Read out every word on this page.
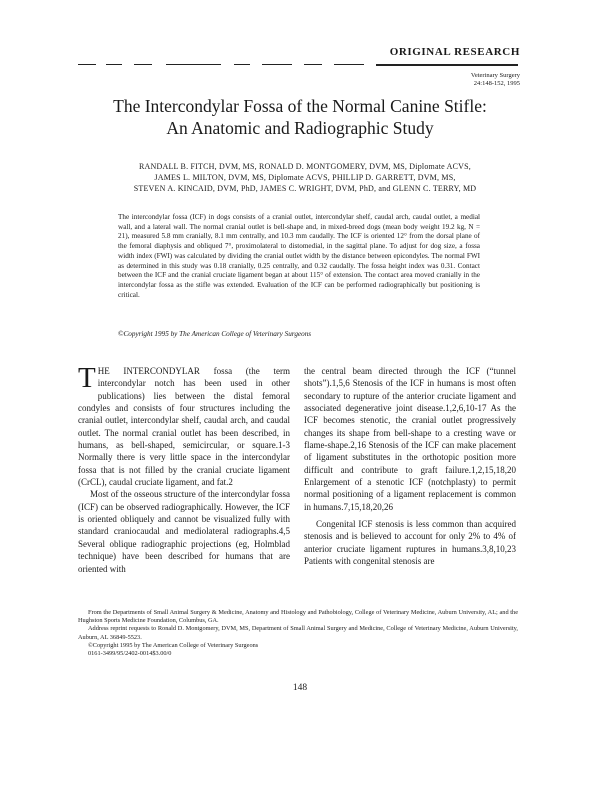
ORIGINAL RESEARCH
Veterinary Surgery
24:148-152, 1995
The Intercondylar Fossa of the Normal Canine Stifle:
An Anatomic and Radiographic Study
RANDALL B. FITCH, DVM, MS, RONALD D. MONTGOMERY, DVM, MS, Diplomate ACVS,
JAMES L. MILTON, DVM, MS, Diplomate ACVS, PHILLIP D. GARRETT, DVM, MS,
STEVEN A. KINCAID, DVM, PhD, JAMES C. WRIGHT, DVM, PhD, and GLENN C. TERRY, MD
The intercondylar fossa (ICF) in dogs consists of a cranial outlet, intercondylar shelf, caudal arch, caudal outlet, a medial wall, and a lateral wall. The normal cranial outlet is bell-shape and, in mixed-breed dogs (mean body weight 19.2 kg, N = 21), measured 5.8 mm cranially, 8.1 mm centrally, and 10.3 mm caudally. The ICF is oriented 12° from the dorsal plane of the femoral diaphysis and obliqued 7°, proximolateral to distomedial, in the sagittal plane. To adjust for dog size, a fossa width index (FWI) was calculated by dividing the cranial outlet width by the distance between epicondyles. The normal FWI as determined in this study was 0.18 cranially, 0.25 centrally, and 0.32 caudally. The fossa height index was 0.31. Contact between the ICF and the cranial cruciate ligament began at about 115° of extension. The contact area moved cranially in the intercondylar fossa as the stifle was extended. Evaluation of the ICF can be performed radiographically but positioning is critical.
©Copyright 1995 by The American College of Veterinary Surgeons

THE INTERCONDYLAR fossa (the term intercondylar notch has been used in other publications) lies between the distal femoral condyles and consists of four structures including the cranial outlet, intercondylar shelf, caudal arch, and caudal outlet. The normal cranial outlet has been described, in humans, as bell-shaped, semicircular, or square.1-3 Normally there is very little space in the intercondylar fossa that is not filled by the cranial cruciate ligament (CrCL), caudal cruciate ligament, and fat.2

Most of the osseous structure of the intercondylar fossa (ICF) can be observed radiographically. However, the ICF is oriented obliquely and cannot be visualized fully with standard craniocaudal and mediolateral radiographs.4,5 Several oblique radiographic projections (eg, Holmblad technique) have been described for humans that are oriented with

the central beam directed through the ICF (“tunnel shots”).1,5,6 Stenosis of the ICF in humans is most often secondary to rupture of the anterior cruciate ligament and associated degenerative joint disease.1,2,6,10-17 As the ICF becomes stenotic, the cranial outlet progressively changes its shape from bell-shape to a cresting wave or flame-shape.2,16 Stenosis of the ICF can make placement of ligament substitutes in the orthotopic position more difficult and contribute to graft failure.1,2,15,18,20 Enlargement of a stenotic ICF (notchplasty) to permit normal positioning of a ligament replacement is common in humans.7,15,18,20,26

Congenital ICF stenosis is less common than acquired stenosis and is believed to account for only 2% to 4% of anterior cruciate ligament ruptures in humans.3,8,10,23 Patients with congenital stenosis are

From the Departments of Small Animal Surgery & Medicine, Anatomy and Histology and Pathobiology, College of Veterinary Medicine, Auburn University, AL; and the Hughston Sports Medicine Foundation, Columbus, GA.

Address reprint requests to Ronald D. Montgomery, DVM, MS, Department of Small Animal Surgery and Medicine, College of Veterinary Medicine, Auburn University, Auburn, AL 36849-5523.

©Copyright 1995 by The American College of Veterinary Surgeons

0161-3499/95/2402-0014$3.00/0

148
